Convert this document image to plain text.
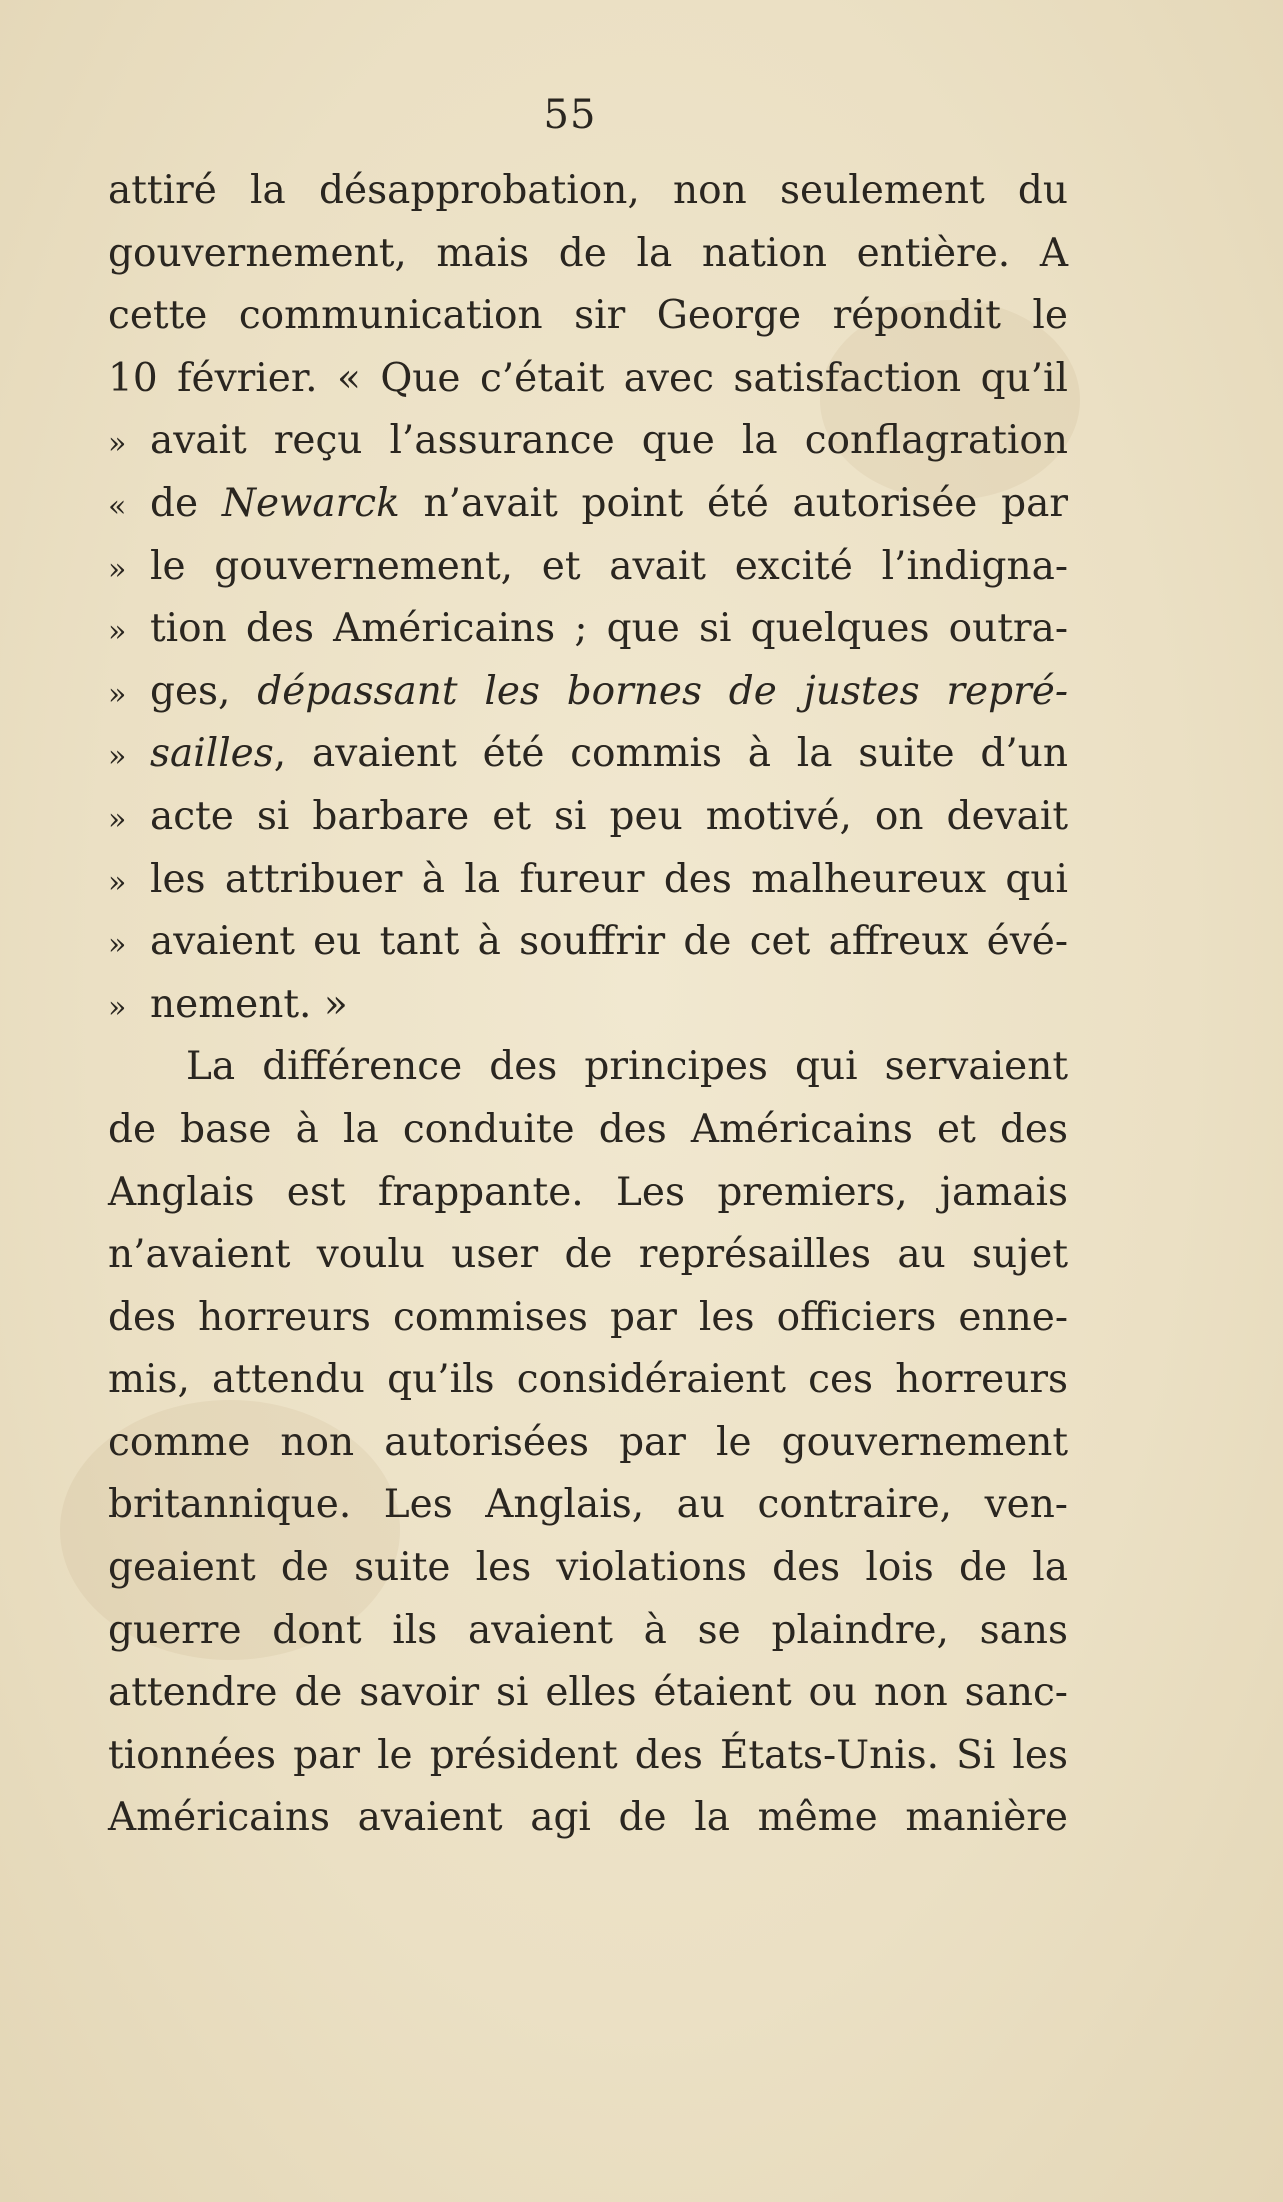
55
attiré la désapprobation, non seulement du
gouvernement, mais de la nation entière. A
cette communication sir George répondit le
10 février. « Que c’était avec satisfaction qu’il
» avait reçu l’assurance que la conflagration
« de Newarck n’avait point été autorisée par
» le gouvernement, et avait excité l’indigna-
» tion des Américains ; que si quelques outra-
» ges, dépassant les bornes de justes repré-
» sailles, avaient été commis à la suite d’un
» acte si barbare et si peu motivé, on devait
» les attribuer à la fureur des malheureux qui
» avaient eu tant à souffrir de cet affreux évé-
» nement. »
La différence des principes qui servaient
de base à la conduite des Américains et des
Anglais est frappante. Les premiers, jamais
n’avaient voulu user de représailles au sujet
des horreurs commises par les officiers enne-
mis, attendu qu’ils considéraient ces horreurs
comme non autorisées par le gouvernement
britannique. Les Anglais, au contraire, ven-
geaient de suite les violations des lois de la
guerre dont ils avaient à se plaindre, sans
attendre de savoir si elles étaient ou non sanc-
tionnées par le président des États-Unis. Si les
Américains avaient agi de la même manière
